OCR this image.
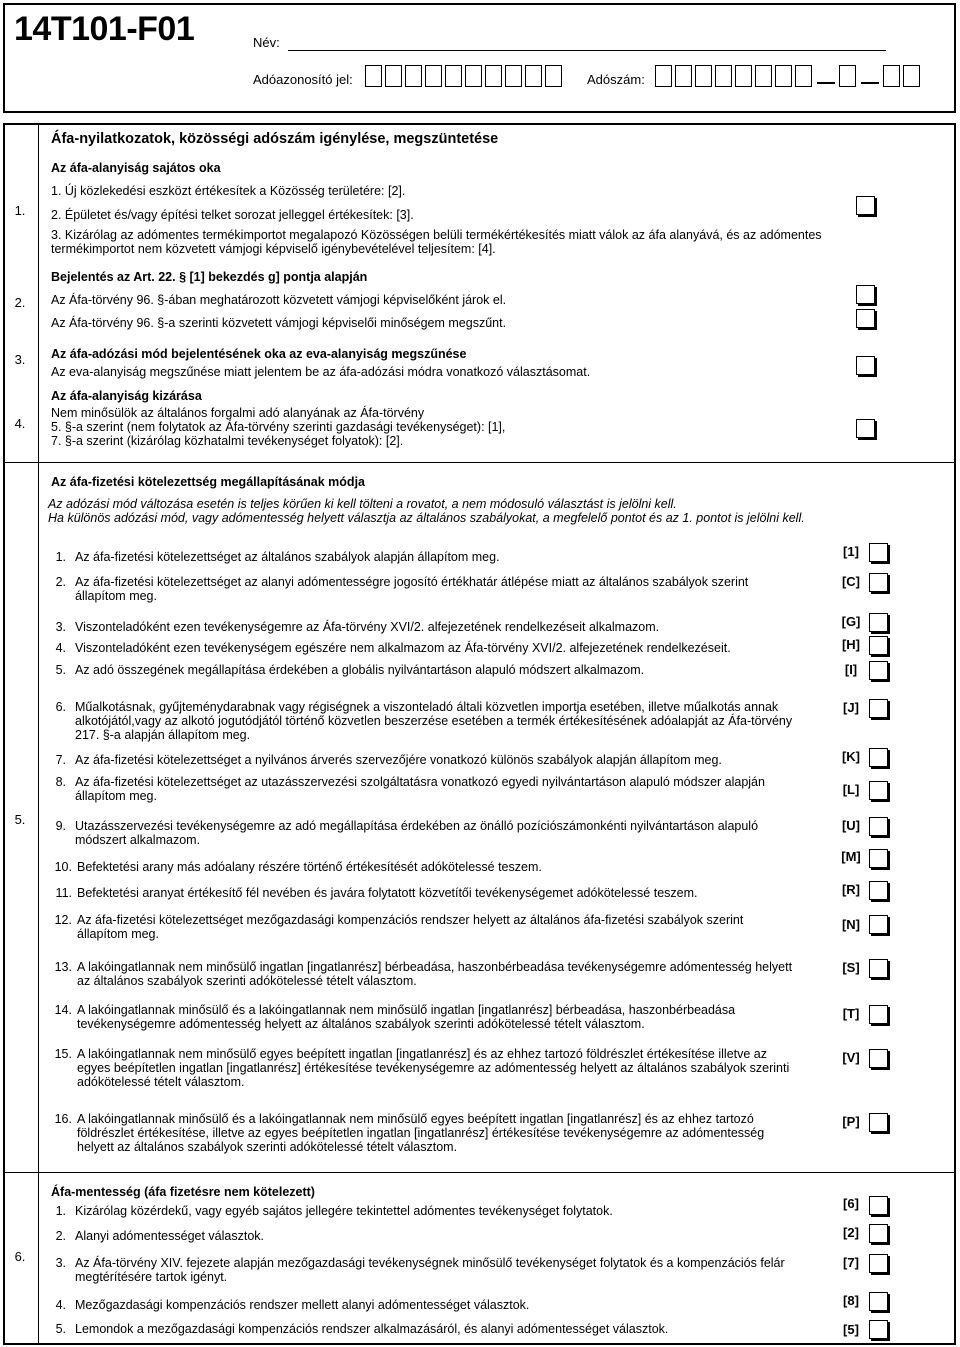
14T101-F01	Név:
Adóazonosító jel:	Adószám:
Áfa-nyilatkozatok, közösségi adószám igénylése, megszüntetése
1.
Az áfa-alanyiság sajátos oka
1. Új közlekedési eszközt értékesítek a Közösség területére: [2].
2. Épületet és/vagy építési telket sorozat jelleggel értékesítek: [3].
3. Kizárólag az adómentes termékimportot megalapozó Közösségen belüli termékértékesítés miatt válok az áfa alanyává, és az adómentes termékimportot nem közvetett vámjogi képviselő igénybevételével teljesítem: [4].
2.
Bejelentés az Art. 22. § [1] bekezdés g] pontja alapján
Az Áfa-törvény 96. §-ában meghatározott közvetett vámjogi képviselőként járok el.
Az Áfa-törvény 96. §-a szerinti közvetett vámjogi képviselői minőségem megszűnt.
3.	Az áfa-adózási mód bejelentésének oka az eva-alanyiság megszűnése
Az eva-alanyiság megszűnése miatt jelentem be az áfa-adózási módra vonatkozó választásomat.
4.
Az áfa-alanyiság kizárása
Nem minősülök az általános forgalmi adó alanyának az Áfa-törvény
5. §-a szerint (nem folytatok az Áfa-törvény szerinti gazdasági tevékenységet): [1],
7. §-a szerint (kizárólag közhatalmi tevékenységet folyatok): [2].
5.
Az áfa-fizetési kötelezettség megállapításának módja
Az adózási mód változása esetén is teljes körűen ki kell tölteni a rovatot, a nem módosuló választást is jelölni kell.
Ha különös adózási mód, vagy adómentesség helyett választja az általános szabályokat, a megfelelő pontot és az 1. pontot is jelölni kell.
1. Az áfa-fizetési kötelezettséget az általános szabályok alapján állapítom meg.	[1]
2. Az áfa-fizetési kötelezettséget az alanyi adómentességre jogosító értékhatár átlépése miatt az általános szabályok szerint állapítom meg.
[C]
3. Viszonteladóként ezen tevékenységemre az Áfa-törvény XVI/2. alfejezetének rendelkezéseit alkalmazom.	[G]
4. Viszonteladóként ezen tevékenységem egészére nem alkalmazom az Áfa-törvény XVI/2. alfejezetének rendelkezéseit.	[H]
5. Az adó összegének megállapítása érdekében a globális nyilvántartáson alapuló módszert alkalmazom.	[I]
6. Műalkotásnak, gyűjteménydarabnak vagy régiségnek a viszonteladó általi közvetlen importja esetében, illetve műalkotás annak alkotójától,vagy az alkotó jogutódjától történő közvetlen beszerzése esetében a termék értékesítésének adóalapját az Áfa-törvény 217. §-a alapján állapítom meg.
[J]
7. Az áfa-fizetési kötelezettséget a nyilvános árverés szervezőjére vonatkozó különös szabályok alapján állapítom meg.	[K]
8. Az áfa-fizetési kötelezettséget az utazásszervezési szolgáltatásra vonatkozó egyedi nyilvántartáson alapuló módszer alapján állapítom meg.	[L]
9. Utazásszervezési tevékenységemre az adó megállapítása érdekében az önálló pozíciószámonkénti nyilvántartáson alapuló módszert alkalmazom.
[U]
10. Befektetési arany más adóalany részére történő értékesítését adókötelessé teszem.
[M]
11. Befektetési aranyat értékesítő fél nevében és javára folytatott közvetítői tevékenységemet adókötelessé teszem.	[R]
12. Az áfa-fizetési kötelezettséget mezőgazdasági kompenzációs rendszer helyett az általános áfa-fizetési szabályok szerint állapítom meg.
[N]
13. A lakóingatlannak nem minősülő ingatlan [ingatlanrész] bérbeadása, haszonbérbeadása tevékenységemre adómentesség helyett az általános szabályok szerinti adókötelessé tételt választom.
[S]
14. A lakóingatlannak minősülő és a lakóingatlannak nem minősülő ingatlan [ingatlanrész] bérbeadása, haszonbérbeadása tevékenységemre adómentesség helyett az általános szabályok szerinti adókötelessé tételt választom.
[T]
15. A lakóingatlannak nem minősülő egyes beépített ingatlan [ingatlanrész] és az ehhez tartozó földrészlet értékesítése illetve az egyes beépítetlen ingatlan [ingatlanrész] értékesítése tevékenységemre az adómentesség helyett az általános szabályok szerinti adókötelessé tételt választom.
[V]
16. A lakóingatlannak minősülő és a lakóingatlannak nem minősülő egyes beépített ingatlan [ingatlanrész] és az ehhez tartozó földrészlet értékesítése, illetve az egyes beépítetlen ingatlan [ingatlanrész] értékesítése tevékenységemre az adómentesség helyett az általános szabályok szerinti adókötelessé tételt választom.
[P]
6.
Áfa-mentesség (áfa fizetésre nem kötelezett)
1. Kizárólag közérdekű, vagy egyéb sajátos jellegére tekintettel adómentes tevékenységet folytatok.	[6]
2. Alanyi adómentességet választok.	[2]
3. Az Áfa-törvény XIV. fejezete alapján mezőgazdasági tevékenységnek minősülő tevékenységet folytatok és a kompenzációs felár megtérítésére tartok igényt.
[7]
4. Mezőgazdasági kompenzációs rendszer mellett alanyi adómentességet választok.	[8]
5. Lemondok a mezőgazdasági kompenzációs rendszer alkalmazásáról, és alanyi adómentességet választok.	[5]
